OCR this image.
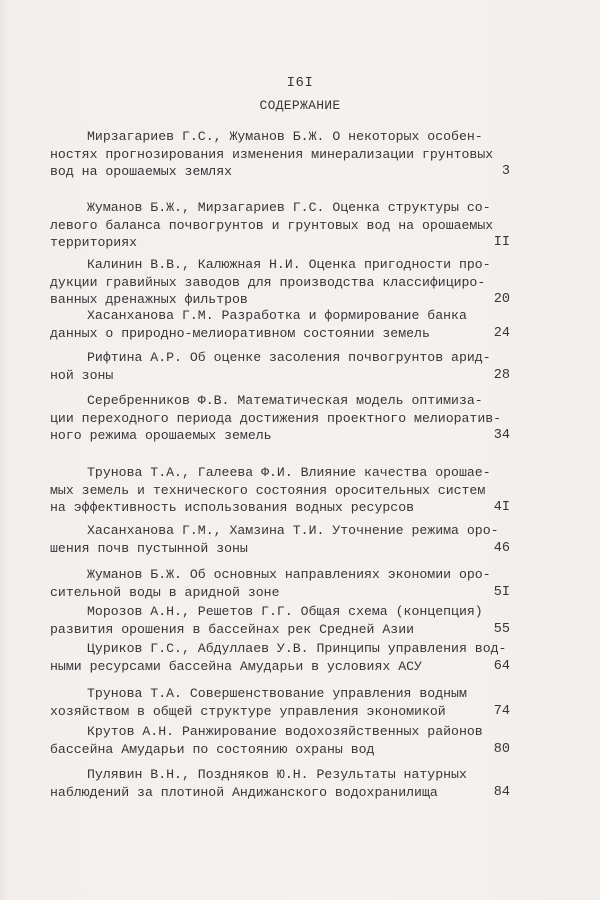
I6I
СОДЕРЖАНИЕ
Мирзагариев Г.С., Жуманов Б.Ж. О некоторых особен-
ностях прогнозирования изменения минерализации грунтовых
вод на орошаемых землях	3
Жуманов Б.Ж., Мирзагариев Г.С. Оценка структуры со-
левого баланса почвогрунтов и грунтовых вод на орошаемых
территориях	II
Калинин В.В., Калюжная Н.И. Оценка пригодности про-
дукции гравийных заводов для производства классифициро-
ванных дренажных фильтров	20
Хасанханова Г.М. Разработка и формирование банка
данных о природно-мелиоративном состоянии земель	24
Рифтина А.Р. Об оценке засоления почвогрунтов арид-
ной зоны	28
Серебренников Ф.В. Математическая модель оптимиза-
ции переходного периода достижения проектного мелиоратив-
ного режима орошаемых земель	34
Трунова Т.А., Галеева Ф.И. Влияние качества орошае-
мых земель и технического состояния оросительных систем
на эффективность использования водных ресурсов	4I
Хасанханова Г.М., Хамзина Т.И. Уточнение режима оро-
шения почв пустынной зоны	46
Жуманов Б.Ж. Об основных направлениях экономии оро-
сительной воды в аридной зоне	5I
Морозов А.Н., Решетов Г.Г. Общая схема (концепция)
развития орошения в бассейнах рек Средней Азии	55
Цуриков Г.С., Абдуллаев У.В. Принципы управления вод-
ными ресурсами бассейна Амударьи в условиях АСУ	64
Трунова Т.А. Совершенствование управления водным
хозяйством в общей структуре управления экономикой	74
Крутов А.Н. Ранжирование водохозяйственных районов
бассейна Амударьи по состоянию охраны вод	80
Пулявин В.Н., Поздняков Ю.Н. Результаты натурных
наблюдений за плотиной Андижанского водохранилища	84
